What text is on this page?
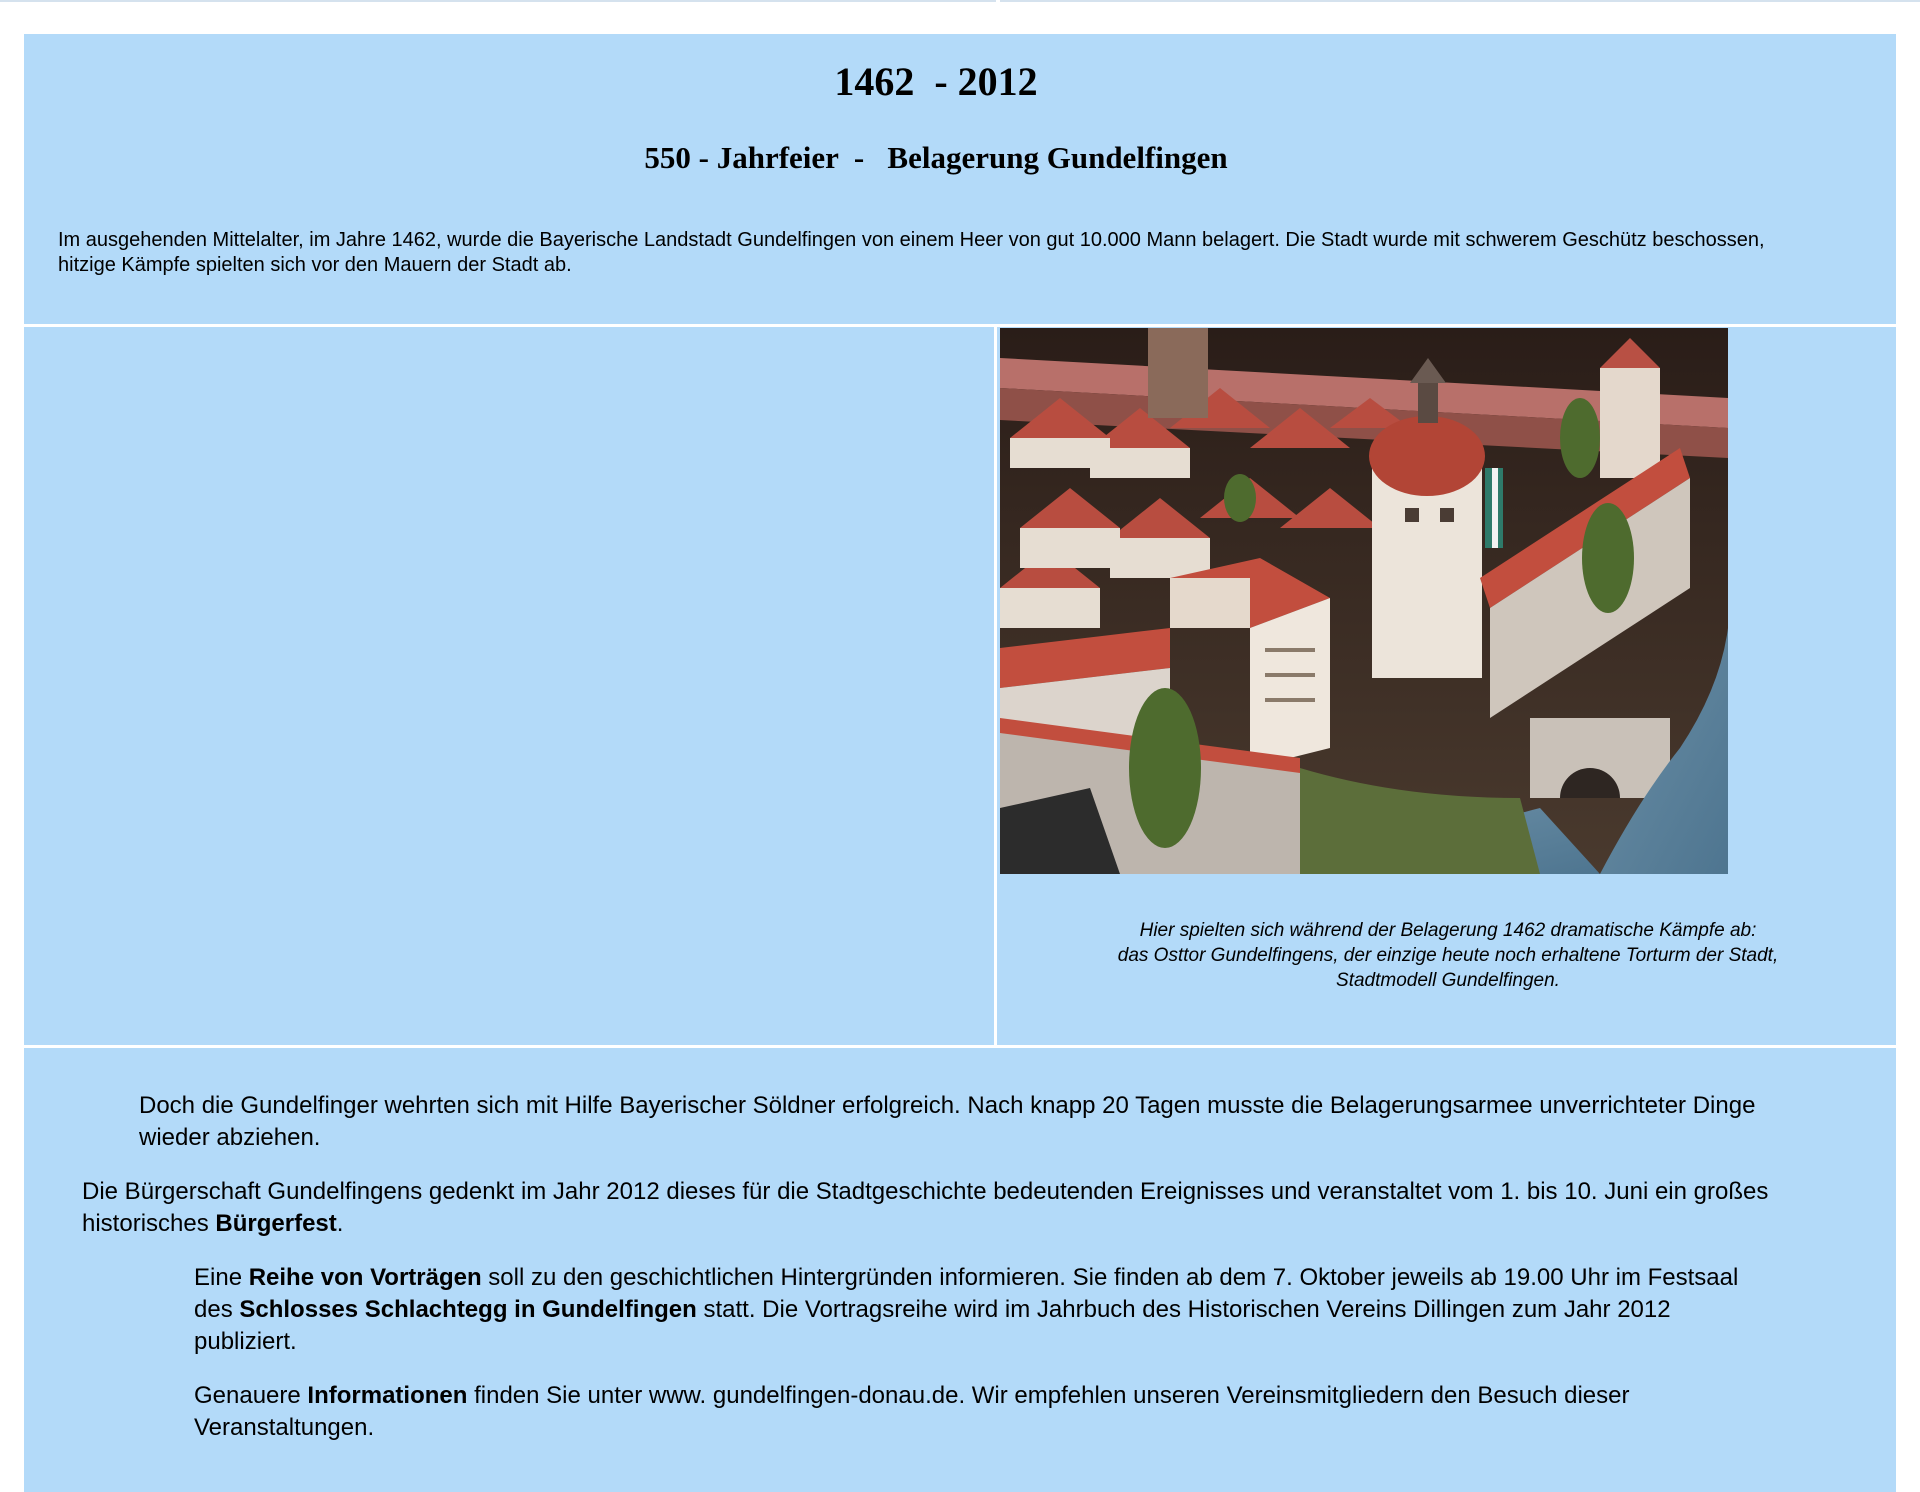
1462  - 2012
550 - Jahrfeier  -   Belagerung Gundelfingen
Im ausgehenden Mittelalter, im Jahre 1462, wurde die Bayerische Landstadt Gundelfingen von einem Heer von gut 10.000 Mann belagert. Die Stadt wurde mit schwerem Geschütz beschossen, hitzige Kämpfe spielten sich vor den Mauern der Stadt ab.
Hier spielten sich während der Belagerung 1462 dramatische Kämpfe ab:
das Osttor Gundelfingens, der einzige heute noch erhaltene Torturm der Stadt,
Stadtmodell Gundelfingen.
Doch die Gundelfinger wehrten sich mit Hilfe Bayerischer Söldner erfolgreich. Nach knapp 20 Tagen musste die Belagerungsarmee unverrichteter Dinge wieder abziehen.
Die Bürgerschaft Gundelfingens gedenkt im Jahr 2012 dieses für die Stadtgeschichte bedeutenden Ereignisses und veranstaltet vom 1. bis 10. Juni ein großes historisches Bürgerfest.
Eine Reihe von Vorträgen soll zu den geschichtlichen Hintergründen informieren. Sie finden ab dem 7. Oktober jeweils ab 19.00 Uhr im Festsaal des Schlosses Schlachtegg in Gundelfingen statt. Die Vortragsreihe wird im Jahrbuch des Historischen Vereins Dillingen zum Jahr 2012 publiziert.
Genauere Informationen finden Sie unter www. gundelfingen-donau.de. Wir empfehlen unseren Vereinsmitgliedern den Besuch dieser Veranstaltungen.
